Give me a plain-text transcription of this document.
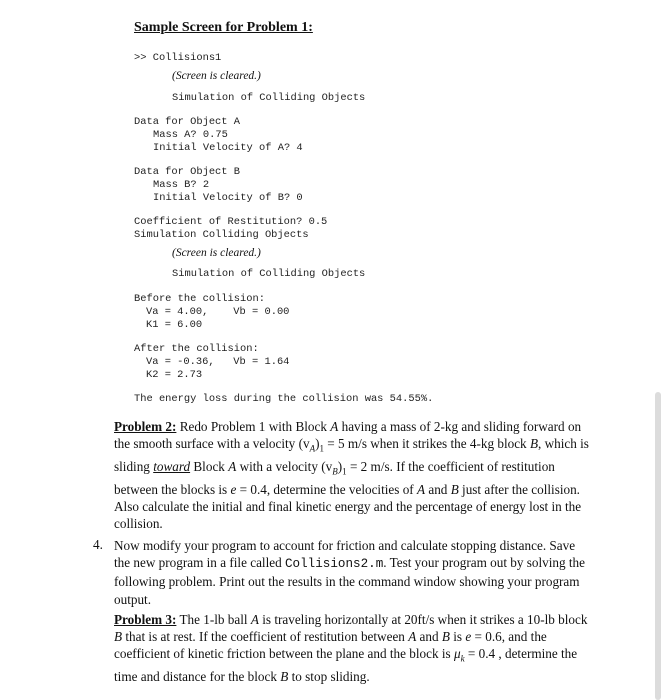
Sample Screen for Problem 1:
>> Collisions1
(Screen is cleared.)
Simulation of Colliding Objects
Data for Object A
Mass A? 0.75
Initial Velocity of A? 4
Data for Object B
Mass B? 2
Initial Velocity of B? 0
Coefficient of Restitution? 0.5
Simulation Colliding Objects
(Screen is cleared.)
Simulation of Colliding Objects
Before the collision:
Va = 4.00,    Vb = 0.00
K1 = 6.00
After the collision:
Va = -0.36,   Vb = 1.64
K2 = 2.73
The energy loss during the collision was 54.55%.
Problem 2: Redo Problem 1 with Block A having a mass of 2-kg and sliding forward on the smooth surface with a velocity $(v_A)_1 = 5$ m/s when it strikes the 4-kg block B, which is sliding toward Block A with a velocity $(v_B)_1 = 2$ m/s. If the coefficient of restitution between the blocks is e = 0.4, determine the velocities of A and B just after the collision. Also calculate the initial and final kinetic energy and the percentage of energy lost in the collision.
4. Now modify your program to account for friction and calculate stopping distance. Save the new program in a file called Collisions2.m. Test your program out by solving the following problem. Print out the results in the command window showing your program output.
Problem 3: The 1-lb ball A is traveling horizontally at 20ft/s when it strikes a 10-lb block B that is at rest. If the coefficient of restitution between A and B is e = 0.6, and the coefficient of kinetic friction between the plane and the block is $\mu_k = 0.4$ , determine the time and distance for the block B to stop sliding.
